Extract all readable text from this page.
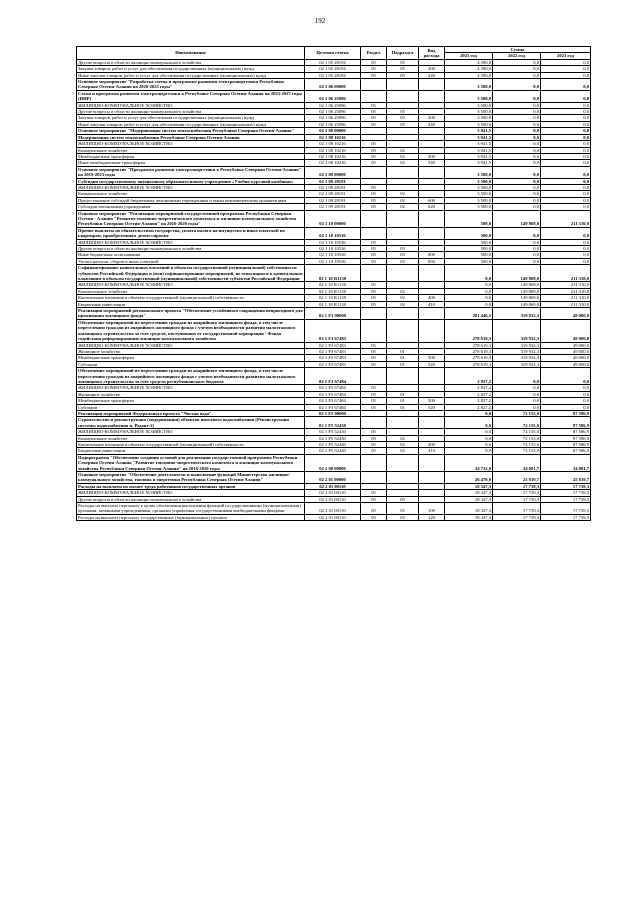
192
Наименование	Целевая статья	Раздел	Подраздел	Вид расхода	Сумма		
					2021 год	2022 год	2023 год
Другие вопросы в области жилищно-коммунального хозяйства	02 1 05 28194	05	05		4 390,0	0,0	0,0
Закупка товаров, работ и услуг для обеспечения государственных (муниципальных) нужд	02 1 05 28194	05	05	200	4 390,0	0,0	0,0
Иные закупки товаров, работ и услуг для обеспечения государственных (муниципальных) нужд	02 1 05 28194	05	05	240	4 390,0	0,0	0,0
Основное мероприятие "Разработка схемы и программы развития электроэнергетики Республики Северная Осетия-Алания на 2020-2023 годы"	02 1 06 00000				3 500,0	0,0	0,0
Схема и программа развития электроэнергетики в Республике Северная Осетия-Алания на 2023-2027 годы (НИР)	02 1 06 25096				3 500,0	0,0	0,0
ЖИЛИЩНО-КОММУНАЛЬНОЕ ХОЗЯЙСТВО	02 1 06 25096	05			3 500,0	0,0	0,0
Другие вопросы в области жилищно-коммунального хозяйства	02 1 06 25096	05	05		3 500,0	0,0	0,0
Закупка товаров, работ и услуг для обеспечения государственных (муниципальных) нужд	02 1 06 25096	05	05	200	3 500,0	0,0	0,0
Иные закупки товаров, работ и услуг для обеспечения государственных (муниципальных) нужд	02 1 06 25096	05	05	240	3 500,0	0,0	0,0
Основное мероприятие "Модернизация систем теплоснабжения Республики Северная Осетия-Алания"	02 1 08 00000				3 941,5	0,0	0,0
Модернизация систем теплоснабжения Республики Северная Осетия-Алания	02 1 08 10216				3 941,5	0,0	0,0
ЖИЛИЩНО-КОММУНАЛЬНОЕ ХОЗЯЙСТВО	02 1 08 10216	05			3 941,5	0,0	0,0
Коммунальное хозяйство	02 1 08 10216	05	02		3 941,5	0,0	0,0
Межбюджетные трансферты	02 1 08 10216	05	02	500	3 941,5	0,0	0,0
Иные межбюджетные трансферты	02 1 08 10216	05	02	540	3 941,5	0,0	0,0
Основное мероприятие "Программа развития электроэнергетики в Республике Северная Осетия-Алания" на 2019-2023 годы	02 1 09 00000				3 500,0	0,0	0,0
Субсидии государственному автономному образовательному учреждению «Учебно-курсовой комбинат»	02 1 09 28191				3 500,0	0,0	0,0
ЖИЛИЩНО-КОММУНАЛЬНОЕ ХОЗЯЙСТВО	02 1 09 28191	05			3 500,0	0,0	0,0
Коммунальное хозяйство	02 1 09 28191	05	02		3 500,0	0,0	0,0
Предоставление субсидий бюджетным, автономным учреждениям и иным некоммерческим организациям	02 1 09 28191	05	02	600	3 500,0	0,0	0,0
Субсидии автономным учреждениям	02 1 09 28191	05	02	620	3 500,0	0,0	0,0
Основное мероприятие "Реализация мероприятий государственной программы Республики Северная Осетия - Алания "Развитие топливно-энергетического комплекса и жилищно-коммунального хозяйства Республики Северная Осетия-Алания" на 2016-2020 годы"	02 1 10 00000				500,0	149 869,0	211 310,0
Прочие выплаты по обязательствам государства, уплата налога на имущество и иных платежей по квартирам, приобретенным детям-сиротам	02 1 10 10536				500,0	0,0	0,0
ЖИЛИЩНО-КОММУНАЛЬНОЕ ХОЗЯЙСТВО	02 1 10 10536	05			500,0	0,0	0,0
Другие вопросы в области жилищно-коммунального хозяйства	02 1 10 10536	05	05		500,0	0,0	0,0
Иные бюджетные ассигнования	02 1 10 10536	05	05	800	500,0	0,0	0,0
Уплата налогов, сборов и иных платежей	02 1 10 10536	05	05	850	500,0	0,0	0,0
Софинансирование капитальных вложений в объекты государственной (муниципальной) собственности субъектов Российской Федерации и (или) софинансирование мероприятий, не относящихся к капитальным вложениям в объекты государственной (муниципальной) собственности субъектов Российской Федерации	02 1 10 R1130				0,0	149 869,0	211 310,0
ЖИЛИЩНО-КОММУНАЛЬНОЕ ХОЗЯЙСТВО	02 1 10 R1130	05			0,0	149 869,0	211 310,0
Коммунальное хозяйство	02 1 10 R1130	05	02		0,0	149 869,0	211 310,0
Капитальные вложения в объекты государственной (муниципальной) собственности	02 1 10 R1130	05	02	400	0,0	149 869,0	211 310,0
Бюджетные инвестиции	02 1 10 R1130	05	02	410	0,0	149 869,0	211 310,0
Реализация мероприятий регионального проекта "Обеспечение устойчивого сокращения непригодного для проживания жилищного фонда"	02 1 F3 00000				281 446,5	319 932,3	49 000,0
Обеспечение мероприятий по переселению граждан из аварийного жилищного фонда, в том числе переселению граждан из аварийного жилищного фонда с учетом необходимости развития малоэтажного жилищного строительства за счет средств, поступивших от государственной корпорации - Фонда содействия реформированию жилищно-коммунального хозяйства	02 1 F3 67483				278 619,3	319 932,3	49 000,0
ЖИЛИЩНО-КОММУНАЛЬНОЕ ХОЗЯЙСТВО	02 1 F3 67483	05			278 619,3	319 932,3	49 000,0
Жилищное хозяйство	02 1 F3 67483	05	01		278 619,3	319 932,3	49 000,0
Межбюджетные трансферты	02 1 F3 67483	05	01	500	278 619,3	319 932,3	49 000,0
Субсидии	02 1 F3 67483	05	01	520	278 619,3	319 932,3	49 000,0
Обеспечение мероприятий по переселению граждан из аварийного жилищного фонда, в том числе переселению граждан из аварийного жилищного фонда с учетом необходимости развития малоэтажного жилищного строительства за счет средств республиканского бюджета	02 1 F3 67484				2 827,2	0,0	0,0
ЖИЛИЩНО-КОММУНАЛЬНОЕ ХОЗЯЙСТВО	02 1 F3 67484	05			2 827,2	0,0	0,0
Жилищное хозяйство	02 1 F3 67484	05	01		2 827,2	0,0	0,0
Межбюджетные трансферты	02 1 F3 67484	05	01	500	2 827,2	0,0	0,0
Субсидии	02 1 F3 67484	05	01	520	2 827,2	0,0	0,0
Реализация мероприятий Федерального проекта "Чистая вода"	02 1 F5 00000				0,0	72 155,0	87 586,9
Строительство и реконструкция (модернизация) объектов питьевого водоснабжения (Реконструкция системы водоснабжения п. Редант-2)	02 1 F5 52430				0,0	72 155,0	87 586,9
ЖИЛИЩНО-КОММУНАЛЬНОЕ ХОЗЯЙСТВО	02 1 F5 52430	05			0,0	72 155,0	87 586,9
Коммунальное хозяйство	02 1 F5 52430	05	02		0,0	72 155,0	87 586,9
Капитальные вложения в объекты государственной (муниципальной) собственности	02 1 F5 52430	05	02	400	0,0	72 155,0	87 586,9
Бюджетные инвестиции	02 1 F5 52430	05	02	410	0,0	72 155,0	87 586,9
Подпрограмма "Обеспечение создания условий для реализации государственной программы Республики Северная Осетия-Алания "Развитие топливно-энергетического комплекса и жилищно-коммунального хозяйства Республики Северная Осетия-Алания" на 2016-2020 годы	02 2 00 00000				34 732,0	34 081,7	34 081,7
Основное мероприятие "Обеспечение деятельности и выполнение функций Министерства жилищно-коммунального хозяйства, топлива и энергетики Республики Северная Осетия-Алания"	02 2 01 00000				26 470,0	25 819,7	25 819,7
Расходы на выплаты по оплате труда работников государственных органов	02 2 01 00110				18 347,3	17 739,3	17 739,3
ЖИЛИЩНО-КОММУНАЛЬНОЕ ХОЗЯЙСТВО	02 2 01 00110	05			18 347,3	17 739,3	17 739,3
Другие вопросы в области жилищно-коммунального хозяйства	02 2 01 00110	05	05		18 347,3	17 739,3	17 739,3
Расходы на выплаты персоналу в целях обеспечения выполнения функций государственными (муниципальными) органами, казенными учреждениями, органами управления государственными внебюджетными фондами	02 2 01 00110	05	05	100	18 347,3	17 739,3	17 739,3
Расходы на выплаты персоналу государственных (муниципальных) органов	02 2 01 00110	05	05	120	18 347,3	17 739,3	17 739,3
